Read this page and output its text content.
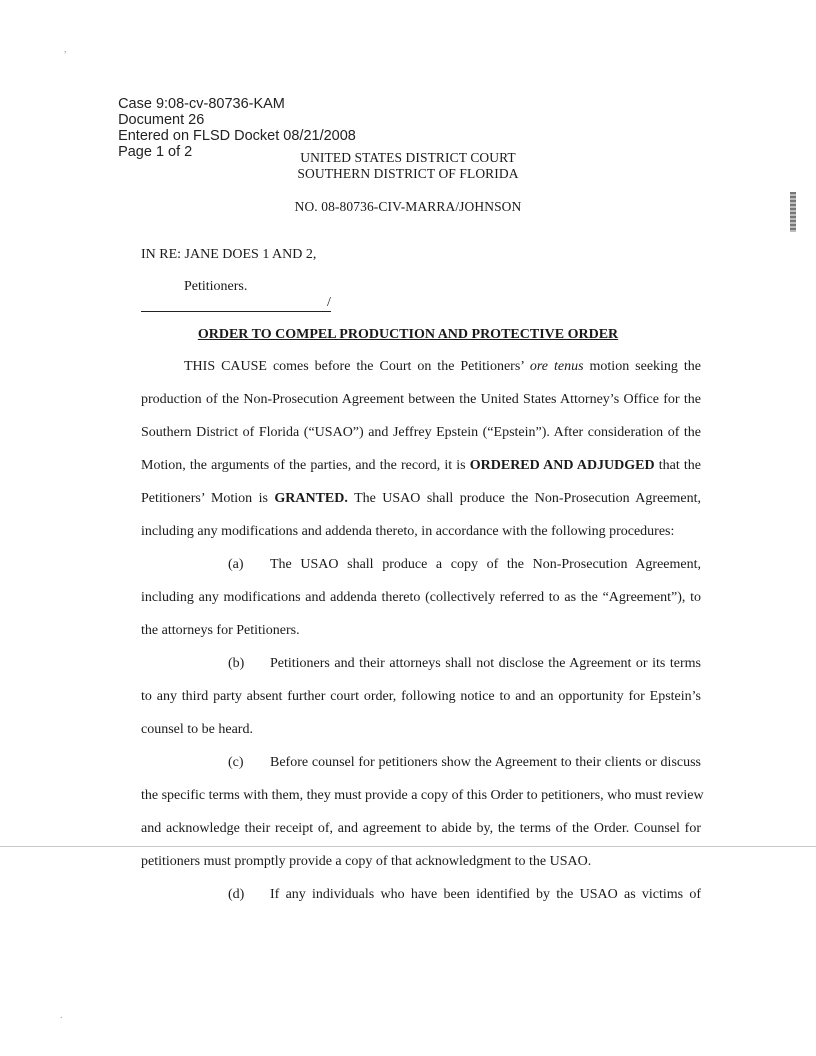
Case 9:08-cv-80736-KAM
Document 26
Entered on FLSD Docket 08/21/2008
Page 1 of 2

,
.
UNITED STATES DISTRICT COURT
SOUTHERN DISTRICT OF FLORIDA
NO. 08-80736-CIV-MARRA/JOHNSON
IN RE: JANE DOES 1 AND 2,
Petitioners.
/
ORDER TO COMPEL PRODUCTION AND PROTECTIVE ORDER
THIS CAUSE comes before the Court on the Petitioners’ ore tenus motion seeking the
production of the Non-Prosecution Agreement between the United States Attorney’s Office for the
Southern District of Florida (“USAO”) and Jeffrey Epstein (“Epstein”). After consideration of the
Motion, the arguments of the parties, and the record, it is ORDERED AND ADJUDGED that the
Petitioners’ Motion is GRANTED. The USAO shall produce the Non-Prosecution Agreement,
including any modifications and addenda thereto, in accordance with the following procedures:
(a) The USAO shall produce a copy of the Non-Prosecution Agreement,
including any modifications and addenda thereto (collectively referred to as the “Agreement”), to
the attorneys for Petitioners.
(b) Petitioners and their attorneys shall not disclose the Agreement or its terms
to any third party absent further court order, following notice to and an opportunity for Epstein’s
counsel to be heard.
(c) Before counsel for petitioners show the Agreement to their clients or discuss
the specific terms with them, they must provide a copy of this Order to petitioners, who must review
and acknowledge their receipt of, and agreement to abide by, the terms of the Order. Counsel for
petitioners must promptly provide a copy of that acknowledgment to the USAO.
(d) If any individuals who have been identified by the USAO as victims of
